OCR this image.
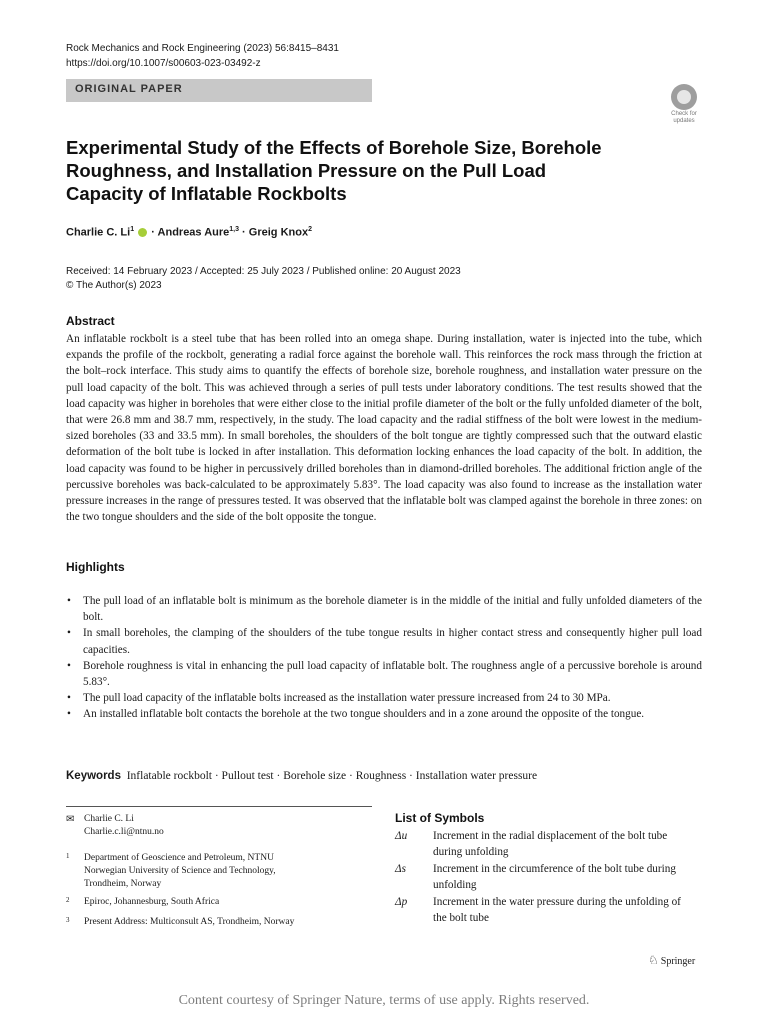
Rock Mechanics and Rock Engineering (2023) 56:8415–8431
https://doi.org/10.1007/s00603-023-03492-z
ORIGINAL PAPER
Check for
updates
Experimental Study of the Effects of Borehole Size, Borehole Roughness, and Installation Pressure on the Pull Load Capacity of Inflatable Rockbolts
Charlie C. Li$^1$  · Andreas Aure$^{1,3}$ · Greig Knox$^2$
Received: 14 February 2023 / Accepted: 25 July 2023 / Published online: 20 August 2023
© The Author(s) 2023
Abstract
An inflatable rockbolt is a steel tube that has been rolled into an omega shape. During installation, water is injected into the tube, which expands the profile of the rockbolt, generating a radial force against the borehole wall. This reinforces the rock mass through the friction at the bolt–rock interface. This study aims to quantify the effects of borehole size, borehole roughness, and installation water pressure on the pull load capacity of the bolt. This was achieved through a series of pull tests under laboratory conditions. The test results showed that the load capacity was higher in boreholes that were either close to the initial profile diameter of the bolt or the fully unfolded diameter of the bolt, that were 26.8 mm and 38.7 mm, respectively, in the study. The load capacity and the radial stiffness of the bolt were lowest in the medium-sized boreholes (33 and 33.5 mm). In small boreholes, the shoulders of the bolt tongue are tightly compressed such that the outward elastic deformation of the bolt tube is locked in after installation. This deformation locking enhances the load capacity of the bolt. In addition, the load capacity was found to be higher in percussively drilled boreholes than in diamond-drilled boreholes. The additional friction angle of the percussive boreholes was back-calculated to be approximately 5.83°. The load capacity was also found to increase as the installation water pressure increases in the range of pressures tested. It was observed that the inflatable bolt was clamped against the borehole in three zones: on the two tongue shoulders and the side of the bolt opposite the tongue.
Highlights
• The pull load of an inflatable bolt is minimum as the borehole diameter is in the middle of the initial and fully unfolded diameters of the bolt.
• In small boreholes, the clamping of the shoulders of the tube tongue results in higher contact stress and consequently higher pull load capacities.
• Borehole roughness is vital in enhancing the pull load capacity of inflatable bolt. The roughness angle of a percussive borehole is around 5.83°.
• The pull load capacity of the inflatable bolts increased as the installation water pressure increased from 24 to 30 MPa.
• An installed inflatable bolt contacts the borehole at the two tongue shoulders and in a zone around the opposite of the tongue.
Keywords Inflatable rockbolt · Pullout test · Borehole size · Roughness · Installation water pressure
✉ Charlie C. Li
Charlie.c.li@ntnu.no
1 Department of Geoscience and Petroleum, NTNU
Norwegian University of Science and Technology,
Trondheim, Norway
2 Epiroc, Johannesburg, South Africa
3 Present Address: Multiconsult AS, Trondheim, Norway
List of Symbols
Δu Increment in the radial displacement of the bolt tube during unfolding
Δs Increment in the circumference of the bolt tube during unfolding
Δp Increment in the water pressure during the unfolding of the bolt tube
♘ Springer
Content courtesy of Springer Nature, terms of use apply. Rights reserved.
